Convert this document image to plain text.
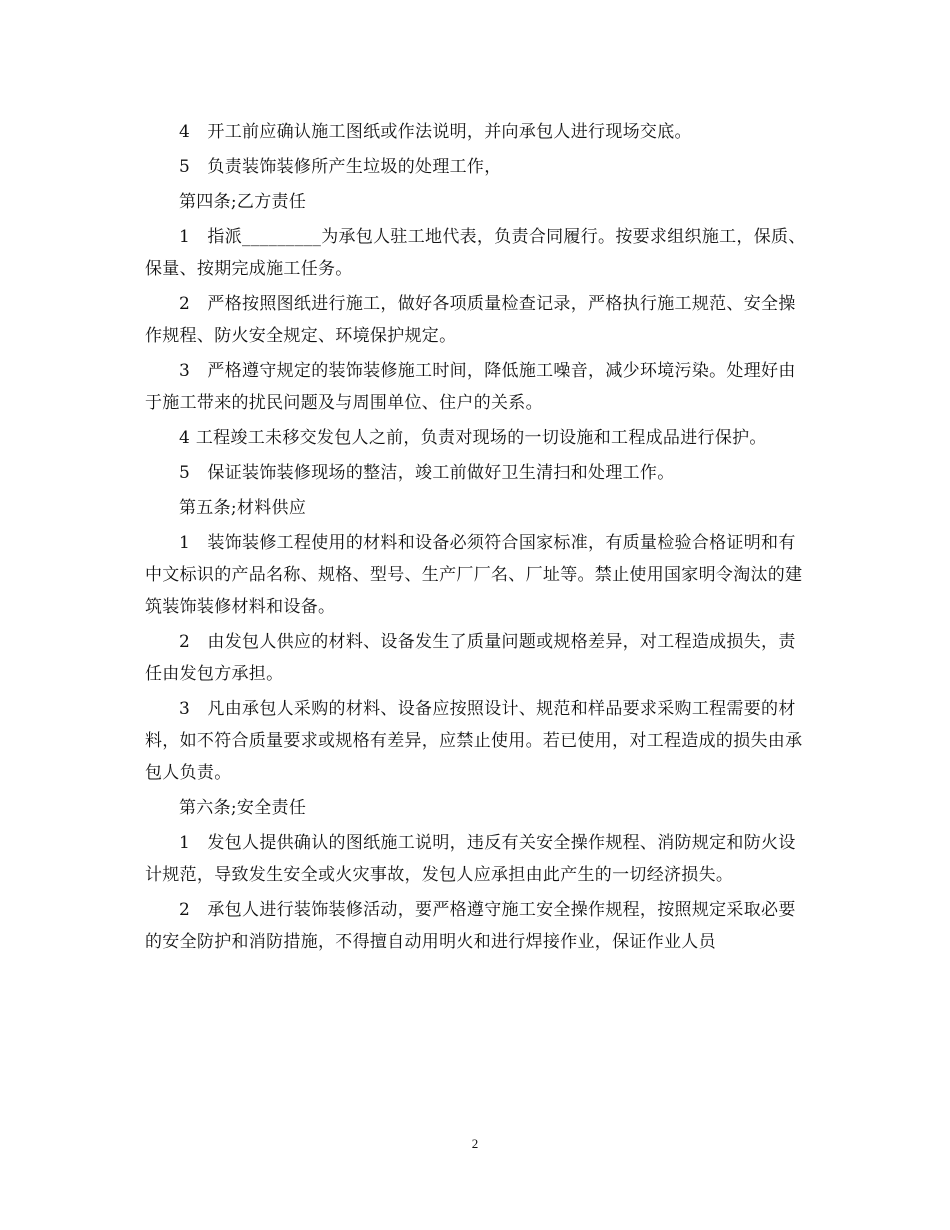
4　开工前应确认施工图纸或作法说明，并向承包人进行现场交底。

5　负责装饰装修所产生垃圾的处理工作，

第四条;乙方责任

1　指派_________为承包人驻工地代表，负责合同履行。按要求组织施工，保质、保量、按期完成施工任务。

2　严格按照图纸进行施工，做好各项质量检查记录，严格执行施工规范、安全操作规程、防火安全规定、环境保护规定。

3　严格遵守规定的装饰装修施工时间，降低施工噪音，减少环境污染。处理好由于施工带来的扰民问题及与周围单位、住户的关系。

4 工程竣工未移交发包人之前，负责对现场的一切设施和工程成品进行保护。

5　保证装饰装修现场的整洁，竣工前做好卫生清扫和处理工作。

第五条;材料供应

1　装饰装修工程使用的材料和设备必须符合国家标准，有质量检验合格证明和有中文标识的产品名称、规格、型号、生产厂厂名、厂址等。禁止使用国家明令淘汰的建筑装饰装修材料和设备。

2　由发包人供应的材料、设备发生了质量问题或规格差异，对工程造成损失，责任由发包方承担。

3　凡由承包人采购的材料、设备应按照设计、规范和样品要求采购工程需要的材料，如不符合质量要求或规格有差异，应禁止使用。若已使用，对工程造成的损失由承包人负责。

第六条;安全责任

1　发包人提供确认的图纸施工说明，违反有关安全操作规程、消防规定和防火设计规范，导致发生安全或火灾事故，发包人应承担由此产生的一切经济损失。

2　承包人进行装饰装修活动，要严格遵守施工安全操作规程，按照规定采取必要的安全防护和消防措施，不得擅自动用明火和进行焊接作业，保证作业人员

2
